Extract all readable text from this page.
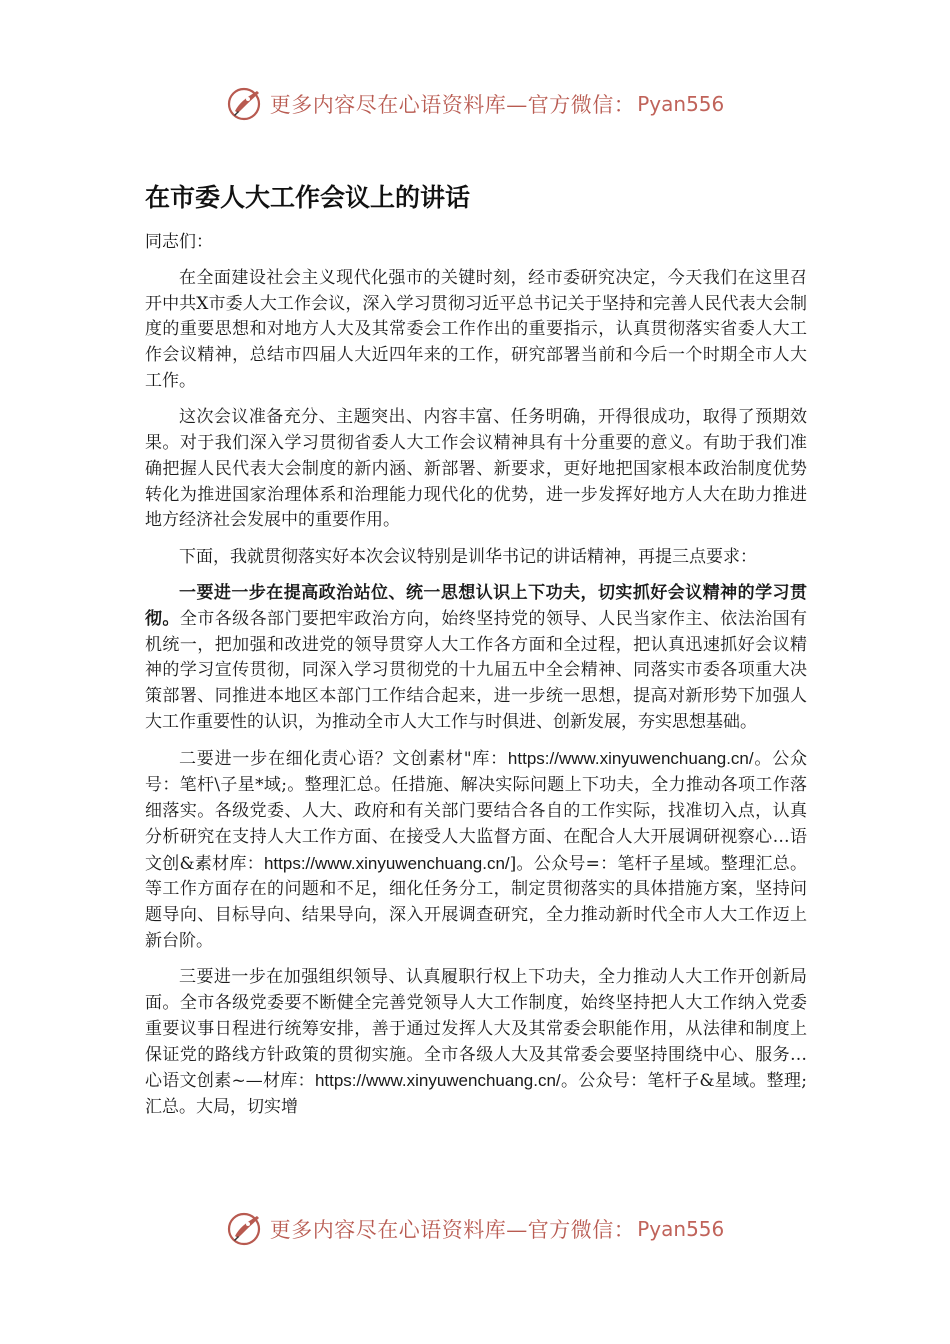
更多内容尽在心语资料库—官方微信： Pyan556
在市委人大工作会议上的讲话

同志们：

在全面建设社会主义现代化强市的关键时刻，经市委研究决定，今天我们在这里召开中共X市委人大工作会议，深入学习贯彻习近平总书记关于坚持和完善人民代表大会制度的重要思想和对地方人大及其常委会工作作出的重要指示，认真贯彻落实省委人大工作会议精神，总结市四届人大近四年来的工作，研究部署当前和今后一个时期全市人大工作。

这次会议准备充分、主题突出、内容丰富、任务明确，开得很成功，取得了预期效果。对于我们深入学习贯彻省委人大工作会议精神具有十分重要的意义。有助于我们准确把握人民代表大会制度的新内涵、新部署、新要求，更好地把国家根本政治制度优势转化为推进国家治理体系和治理能力现代化的优势，进一步发挥好地方人大在助力推进地方经济社会发展中的重要作用。

下面，我就贯彻落实好本次会议特别是训华书记的讲话精神，再提三点要求：

一要进一步在提高政治站位、统一思想认识上下功夫，切实抓好会议精神的学习贯彻。全市各级各部门要把牢政治方向，始终坚持党的领导、人民当家作主、依法治国有机统一，把加强和改进党的领导贯穿人大工作各方面和全过程，把认真迅速抓好会议精神的学习宣传贯彻，同深入学习贯彻党的十九届五中全会精神、同落实市委各项重大决策部署、同推进本地区本部门工作结合起来，进一步统一思想，提高对新形势下加强人大工作重要性的认识，为推动全市人大工作与时俱进、创新发展，夯实思想基础。

二要进一步在细化责心语？文创素材"库：https://www.xinyuwenchuang.cn/。公众号：笔杆\子星*域;。整理汇总。任措施、解决实际问题上下功夫，全力推动各项工作落细落实。各级党委、人大、政府和有关部门要结合各自的工作实际，找准切入点，认真分析研究在支持人大工作方面、在接受人大监督方面、在配合人大开展调研视察心…语文创&素材库：https://www.xinyuwenchuang.cn/]。公众号=：笔杆子星域。整理汇总。等工作方面存在的问题和不足，细化任务分工，制定贯彻落实的具体措施方案，坚持问题导向、目标导向、结果导向，深入开展调查研究，全力推动新时代全市人大工作迈上新台阶。

三要进一步在加强组织领导、认真履职行权上下功夫，全力推动人大工作开创新局面。全市各级党委要不断健全完善党领导人大工作制度，始终坚持把人大工作纳入党委重要议事日程进行统筹安排，善于通过发挥人大及其常委会职能作用，从法律和制度上保证党的路线方针政策的贯彻实施。全市各级人大及其常委会要坚持围绕中心、服务…心语文创素~—材库：https://www.xinyuwenchuang.cn/。公众号：笔杆子&星域。整理;汇总。大局，切实增

更多内容尽在心语资料库—官方微信： Pyan556
